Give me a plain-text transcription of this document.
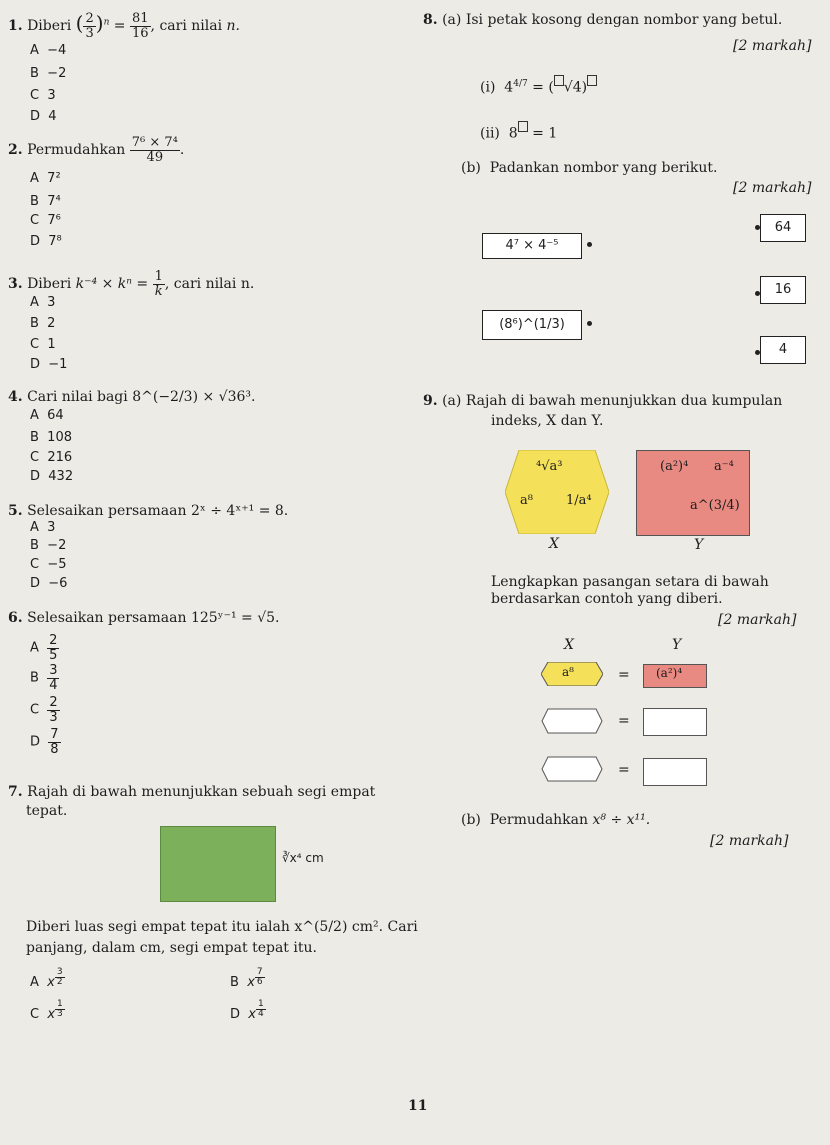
1. Diberi ( $\frac{2}{3} )^n = \frac{81}{16}$ , cari nilai n.
A  −4
B  −2
C  3
D  4
2. Permudahkan $\frac{\text{7⁶ × 7⁴}}{49}$ .
A  7²
B  7⁴
C  7⁶
D  7⁸
3. Diberi $k^{-4} \times k^n = \frac{1}{k}$ , cari nilai n.
A  3
B  2
C  1
D  −1
4. Cari nilai bagi 8^(−2/3) × √36³.
A  64
B  108
C  216
D  432
5. Selesaikan persamaan 2ˣ ÷ 4ˣ⁺¹ = 8.
A  3
B  −2
C  −5
D  −6
6. Selesaikan persamaan 125ʸ⁻¹ = √5.
A $\frac{2}{5}$
B $\frac{3}{4}$
C $\frac{2}{3}$
D $\frac{7}{8}$
7. Rajah di bawah menunjukkan sebuah segi empat
tepat.
∛x⁴ cm
Diberi luas segi empat tepat itu ialah x^(5/2) cm². Cari
panjang, dalam cm, segi empat tepat itu.
A  x $^{\frac{3}{2}}$	B  x $^{\frac{7}{6}}$
C  x $^{\frac{1}{3}}$	D  x $^{\frac{1}{4}}$
8. (a) Isi petak kosong dengan nombor yang betul.
[2 markah]
(i)  $4^{4/7}$ = ( √4)
(ii)  8 = 1
(b) Padankan nombor yang berikut.
[2 markah]
4⁷ × 4⁻⁵
(8⁶)^(1/3)
64
16
4
9. (a) Rajah di bawah menunjukkan dua kumpulan
indeks, X dan Y.
⁴√a³
a⁸	1/a⁴
X
(a²)⁴ a⁻⁴
a^(3/4)
Y
Lengkapkan pasangan setara di bawah
berdasarkan contoh yang diberi.
[2 markah]
X	Y
a⁸	= (a²)⁴
=
=
(b) Permudahkan x⁸ ÷ x¹¹.
[2 markah]
11
